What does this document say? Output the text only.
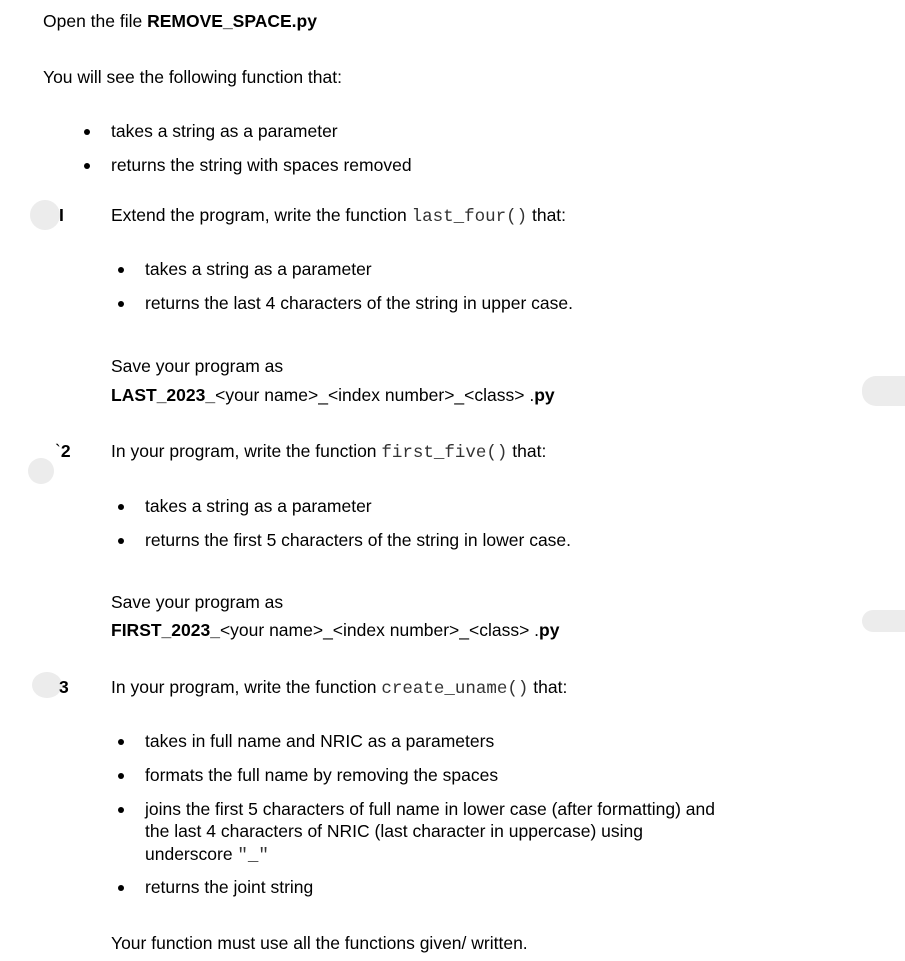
Open the file REMOVE_SPACE.py
You will see the following function that:
takes a string as a parameter
returns the string with spaces removed
I	Extend the program, write the function last_four() that:
takes a string as a parameter
returns the last 4 characters of the string in upper case.
Save your program as
LAST_2023_<your name>_<index number>_<class> .py
`2 In your program, write the function first_five() that:
takes a string as a parameter
returns the first 5 characters of the string in lower case.
Save your program as
FIRST_2023_<your name>_<index number>_<class> .py
3 In your program, write the function create_uname() that:
takes in full name and NRIC as a parameters
formats the full name by removing the spaces
joins the first 5 characters of full name in lower case (after formatting) and
the last 4 characters of NRIC (last character in uppercase) using
underscore "_"
returns the joint string
Your function must use all the functions given/ written.
